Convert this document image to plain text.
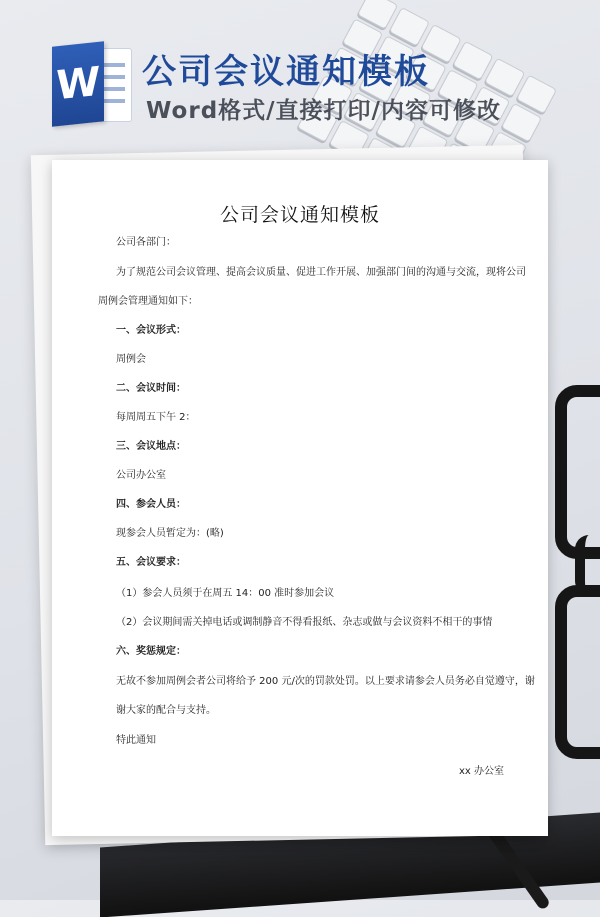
W 公司会议通知模板
Word格式/直接打印/内容可修改
公司会议通知模板
公司各部门：
为了规范公司会议管理、提高会议质量、促进工作开展、加强部门间的沟通与交流，现将公司
周例会管理通知如下：
一、会议形式：
周例会
二、会议时间：
每周周五下午 2：
三、会议地点：
公司办公室
四、参会人员：
现参会人员暂定为：(略)
五、会议要求：
（1）参会人员须于在周五 14：00 准时参加会议
（2）会议期间需关掉电话或调制静音不得看报纸、杂志或做与会议资料不相干的事情
六、奖惩规定：
无故不参加周例会者公司将给予 200 元/次的罚款处罚。以上要求请参会人员务必自觉遵守，谢
谢大家的配合与支持。
特此通知
xx 办公室
